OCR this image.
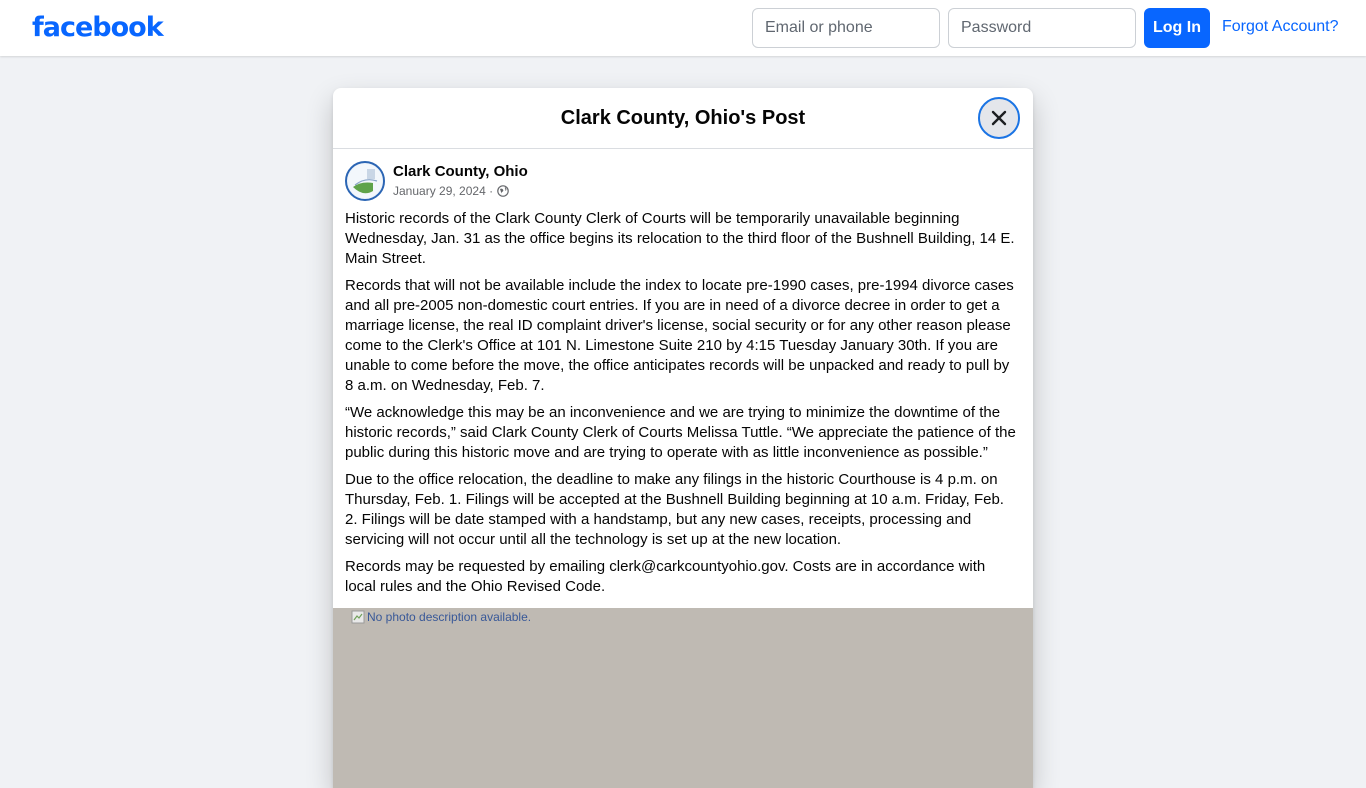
facebook
Email or phone	Log In	Forgot Account?
Clark County, Ohio's Post
Clark County, Ohio
January 29, 2024 ·

Historic records of the Clark County Clerk of Courts will be temporarily unavailable beginning Wednesday, Jan. 31 as the office begins its relocation to the third floor of the Bushnell Building, 14 E. Main Street.

Records that will not be available include the index to locate pre-1990 cases, pre-1994 divorce cases and all pre-2005 non-domestic court entries. If you are in need of a divorce decree in order to get a marriage license, the real ID complaint driver's license, social security or for any other reason please come to the Clerk's Office at 101 N. Limestone Suite 210 by 4:15 Tuesday January 30th. If you are unable to come before the move, the office anticipates records will be unpacked and ready to pull by 8 a.m. on Wednesday, Feb. 7.

“We acknowledge this may be an inconvenience and we are trying to minimize the downtime of the historic records,” said Clark County Clerk of Courts Melissa Tuttle. “We appreciate the patience of the public during this historic move and are trying to operate with as little inconvenience as possible.”

Due to the office relocation, the deadline to make any filings in the historic Courthouse is 4 p.m. on Thursday, Feb. 1. Filings will be accepted at the Bushnell Building beginning at 10 a.m. Friday, Feb. 2. Filings will be date stamped with a handstamp, but any new cases, receipts, processing and servicing will not occur until all the technology is set up at the new location.

Records may be requested by emailing clerk@carkcountyohio.gov. Costs are in accordance with local rules and the Ohio Revised Code.

No photo description available.
